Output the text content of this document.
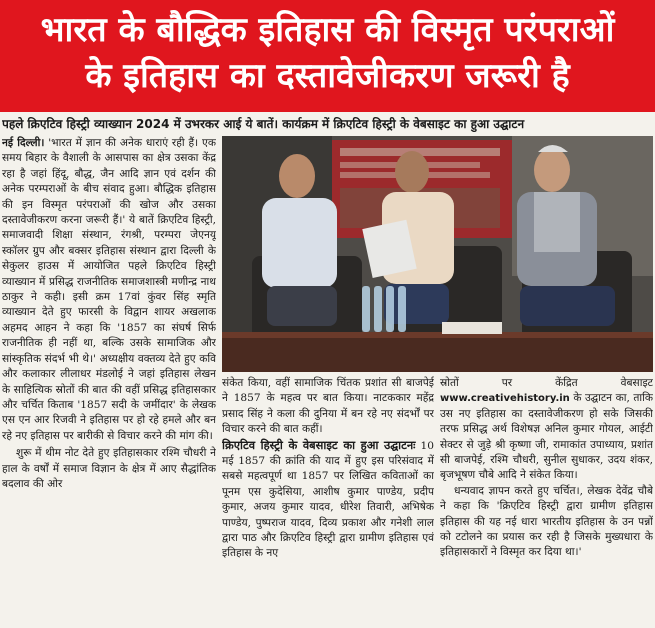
भारत के बौद्धिक इतिहास की विस्मृत परंपराओं
के इतिहास का दस्तावेजीकरण जरूरी है
पहले क्रिएटिव हिस्ट्री व्याख्यान 2024 में उभरकर आई ये बातें। कार्यक्रम में क्रिएटिव हिस्ट्री के वेबसाइट का हुआ उद्घाटन

नई दिल्ली। 'भारत में ज्ञान की अनेक धाराएं रही हैं। एक समय बिहार के वैशाली के आसपास का क्षेत्र उसका केंद्र रहा है जहां हिंदू, बौद्ध, जैन आदि ज्ञान एवं दर्शन की अनेक परम्पराओं के बीच संवाद हुआ। बौद्धिक इतिहास की इन विस्मृत परंपराओं की खोज और उसका दस्तावेजीकरण करना जरूरी हैं।' ये बातें क्रिएटिव हिस्ट्री, समाजवादी शिक्षा संस्थान, रंगश्री, परम्परा जेएनयू स्कॉलर ग्रुप और बक्सर इतिहास संस्थान द्वारा दिल्ली के सेकुलर हाउस में आयोजित पहले क्रिएटिव हिस्ट्री व्याख्यान में प्रसिद्ध राजनीतिक समाजशास्त्री मणीन्द्र नाथ ठाकुर ने कही। इसी क्रम 17वां कुंवर सिंह स्मृति व्याख्यान देते हुए फारसी के विद्वान शायर अखलाक अहमद आहन ने कहा कि '1857 का संघर्ष सिर्फ राजनीतिक ही नहीं था, बल्कि उसके सामाजिक और सांस्कृतिक संदर्भ भी थे।' अध्यक्षीय वक्तव्य देते हुए कवि और कलाकार लीलाधर मंडलोई ने जहां इतिहास लेखन के साहित्यिक स्रोतों की बात की वहीं प्रसिद्ध इतिहासकार और चर्चित किताब '1857 सदी के जमींदार' के लेखक एस एन आर रिजवी ने इतिहास पर हो रहे हमले और बन रहे नए इतिहास पर बारीकी से विचार करने की मांग की।

शुरू में थीम नोट देते हुए इतिहासकार रश्मि चौधरी ने हाल के वर्षों में समाज विज्ञान के क्षेत्र में आए सैद्धांतिक बदलाव की ओर

संकेत किया, वहीं सामाजिक चिंतक प्रशांत सी बाजपेई ने 1857 के महत्व पर बात किया। नाटककार महेंद्र प्रसाद सिंह ने कला की दुनिया में बन रहे नए संदर्भों पर विचार करने की बात कहीं।

क्रिएटिव हिस्ट्री के वेबसाइट का हुआ उद्घाटनः 10 मई 1857 की क्रांति की याद में हुए इस परिसंवाद में सबसे महत्वपूर्ण था 1857 पर लिखित कविताओं का पूनम एस कुदेसिया, आशीष कुमार पाण्डेय, प्रदीप कुमार, अजय कुमार यादव, धीरेश तिवारी, अभिषेक पाण्डेय, पुष्पराज यादव, दिव्य प्रकाश और गनेशी लाल द्वारा पाठ और क्रिएटिव हिस्ट्री द्वारा ग्रामीण इतिहास एवं इतिहास के नए

स्रोतों पर केंद्रित वेबसाइट www.creativehistory.in के उद्घाटन का, ताकि उस नए इतिहास का दस्तावेजीकरण हो सके जिसकी तरफ प्रसिद्ध अर्थ विशेषज्ञ अनिल कुमार गोयल, आईटी सेक्टर से जुड़े श्री कृष्णा जी, रामाकांत उपाध्याय, प्रशांत सी बाजपेई, रश्मि चौधरी, सुनील सुधाकर, उदय शंकर, बृजभूषण चौबे आदि ने संकेत किया।

धन्यवाद ज्ञापन करते हुए चर्चित।, लेखक देवेंद्र चौबे ने कहा कि 'क्रिएटिव हिस्ट्री द्वारा ग्रामीण इतिहास इतिहास की यह नई धारा भारतीय इतिहास के उन पन्नों को टटोलने का प्रयास कर रही है जिसके मुख्यधारा के इतिहासकारों ने विस्मृत कर दिया था।'
